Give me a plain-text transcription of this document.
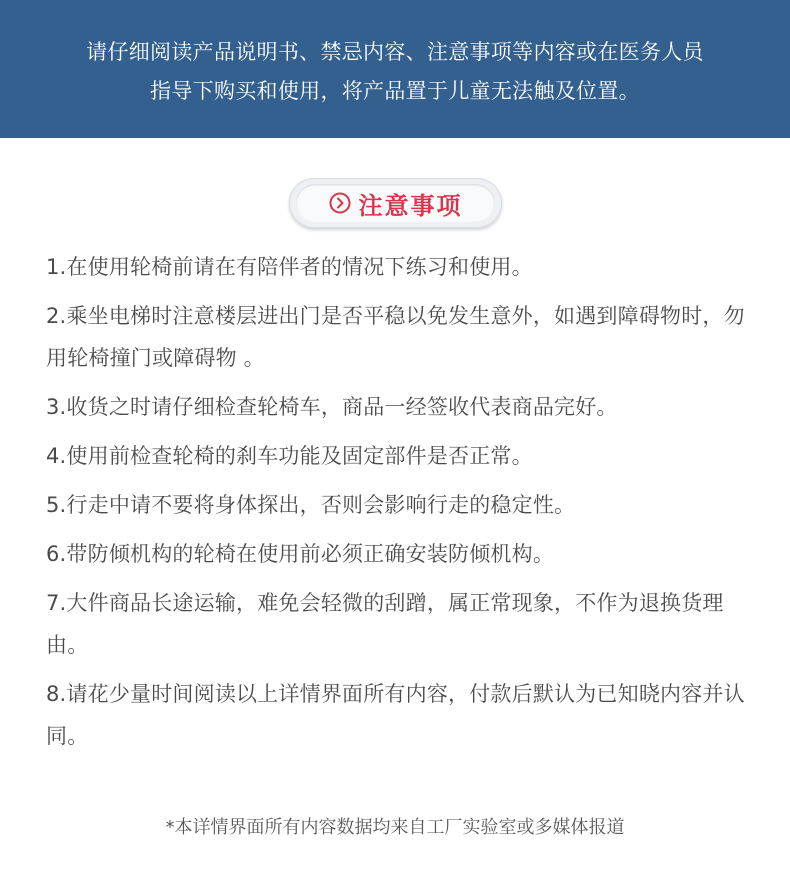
请仔细阅读产品说明书、禁忌内容、注意事项等内容或在医务人员
指导下购买和使用，将产品置于儿童无法触及位置。
注意事项
1.在使用轮椅前请在有陪伴者的情况下练习和使用。
2.乘坐电梯时注意楼层进出门是否平稳以免发生意外，如遇到障碍物时，勿用轮椅撞门或障碍物 。
3.收货之时请仔细检查轮椅车，商品一经签收代表商品完好。
4.使用前检查轮椅的刹车功能及固定部件是否正常。
5.行走中请不要将身体探出，否则会影响行走的稳定性。
6.带防倾机构的轮椅在使用前必须正确安装防倾机构。
7.大件商品长途运输，难免会轻微的刮蹭，属正常现象，不作为退换货理由。
8.请花少量时间阅读以上详情界面所有内容，付款后默认为已知晓内容并认同。
*本详情界面所有内容数据均来自工厂实验室或多媒体报道
